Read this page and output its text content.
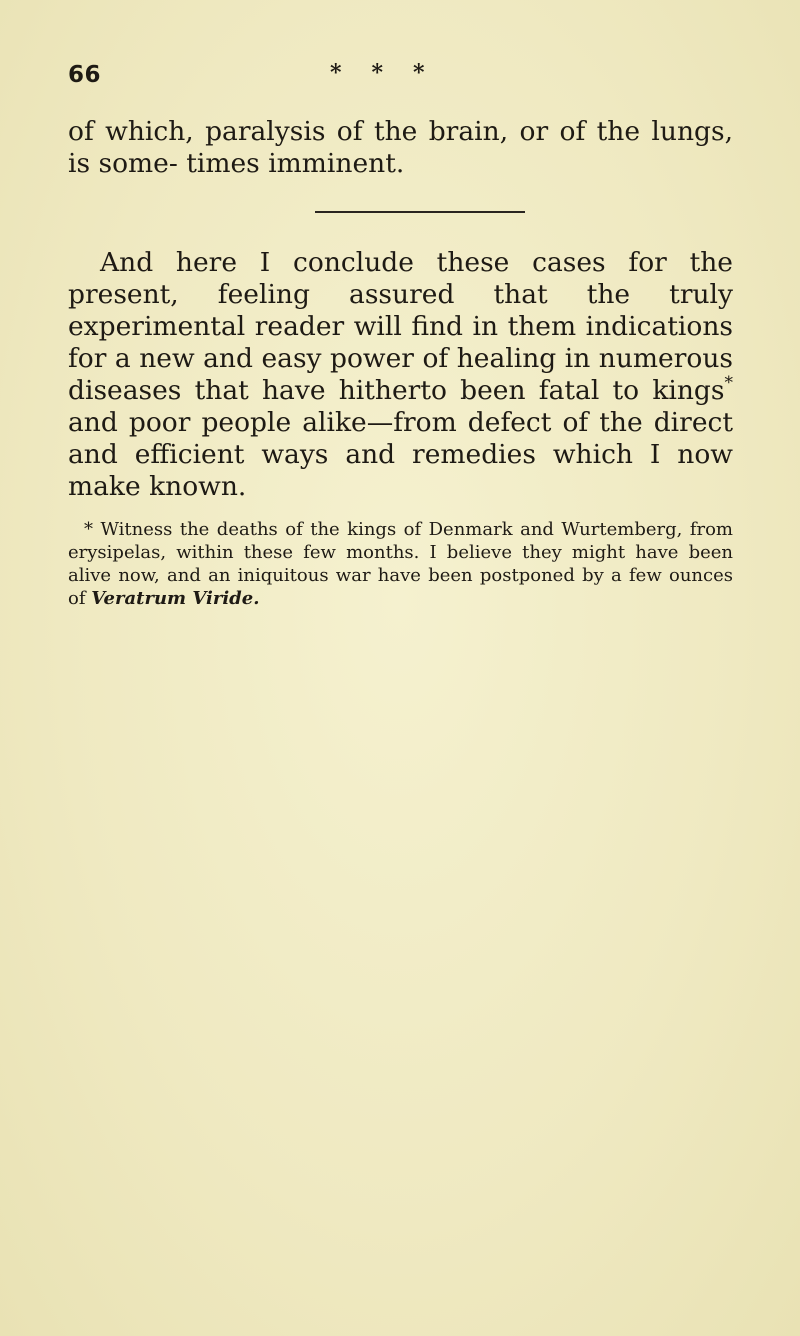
66	* * *

of which, paralysis of the brain, or of the lungs, is some- times imminent.

And here I conclude these cases for the present, feeling assured that the truly experimental reader will find in them indications for a new and easy power of healing in numerous diseases that have hitherto been fatal to kings* and poor people alike—from defect of the direct and efficient ways and remedies which I now make known.

* Witness the deaths of the kings of Denmark and Wurtemberg, from erysipelas, within these few months. I believe they might have been alive now, and an iniquitous war have been postponed by a few ounces of Veratrum Viride.
